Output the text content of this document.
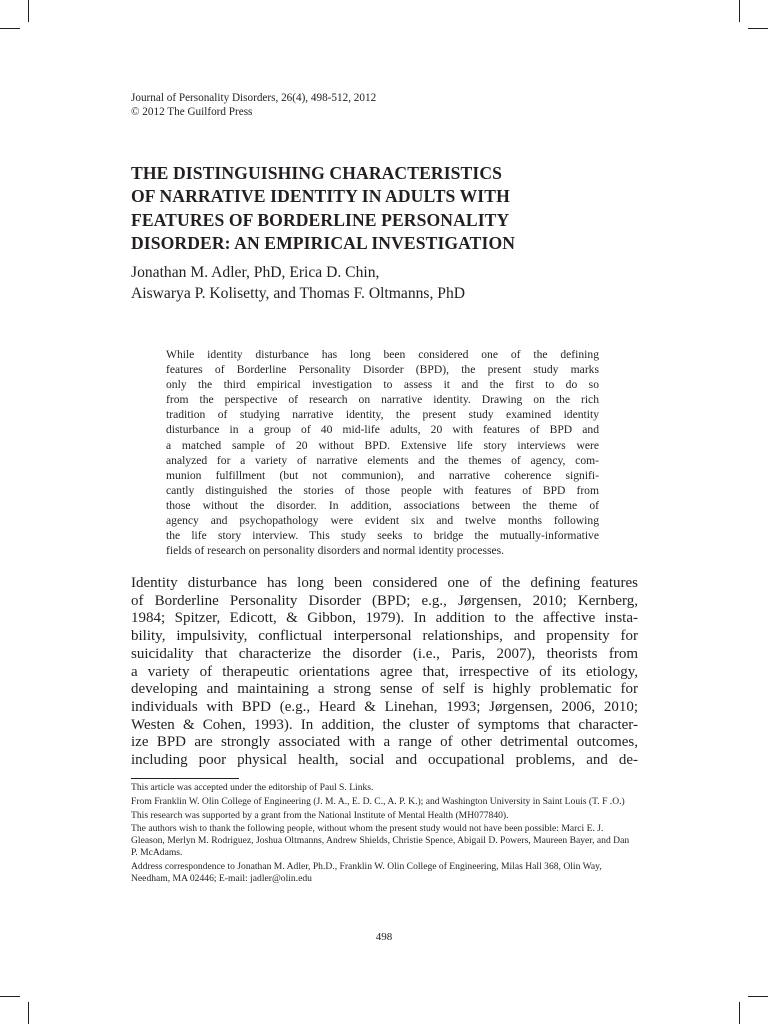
Journal of Personality Disorders, 26(4), 498-512, 2012
© 2012 The Guilford Press
THE DISTINGUISHING CHARACTERISTICS
OF NARRATIVE IDENTITY IN ADULTS WITH
FEATURES OF BORDERLINE PERSONALITY
DISORDER: AN EMPIRICAL INVESTIGATION
Jonathan M. Adler, PhD, Erica D. Chin,
Aiswarya P. Kolisetty, and Thomas F. Oltmanns, PhD
While identity disturbance has long been considered one of the defining
features of Borderline Personality Disorder (BPD), the present study marks
only the third empirical investigation to assess it and the first to do so
from the perspective of research on narrative identity. Drawing on the rich
tradition of studying narrative identity, the present study examined identity
disturbance in a group of 40 mid-life adults, 20 with features of BPD and
a matched sample of 20 without BPD. Extensive life story interviews were
analyzed for a variety of narrative elements and the themes of agency, com-
munion fulfillment (but not communion), and narrative coherence signifi-
cantly distinguished the stories of those people with features of BPD from
those without the disorder. In addition, associations between the theme of
agency and psychopathology were evident six and twelve months following
the life story interview. This study seeks to bridge the mutually-informative
fields of research on personality disorders and normal identity processes.
Identity disturbance has long been considered one of the defining features
of Borderline Personality Disorder (BPD; e.g., Jørgensen, 2010; Kernberg,
1984; Spitzer, Edicott, & Gibbon, 1979). In addition to the affective insta-
bility, impulsivity, conflictual interpersonal relationships, and propensity for
suicidality that characterize the disorder (i.e., Paris, 2007), theorists from
a variety of therapeutic orientations agree that, irrespective of its etiology,
developing and maintaining a strong sense of self is highly problematic for
individuals with BPD (e.g., Heard & Linehan, 1993; Jørgensen, 2006, 2010;
Westen & Cohen, 1993). In addition, the cluster of symptoms that character-
ize BPD are strongly associated with a range of other detrimental outcomes,
including poor physical health, social and occupational problems, and de-

This article was accepted under the editorship of Paul S. Links.

From Franklin W. Olin College of Engineering (J. M. A., E. D. C., A. P. K.); and Washington University in Saint Louis (T. F .O.)

This research was supported by a grant from the National Institute of Mental Health (MH077840).

The authors wish to thank the following people, without whom the present study would not have been possible: Marci E. J. Gleason, Merlyn M. Rodriguez, Joshua Oltmanns, Andrew Shields, Christie Spence, Abigail D. Powers, Maureen Bayer, and Dan P. McAdams.

Address correspondence to Jonathan M. Adler, Ph.D., Franklin W. Olin College of Engineering, Milas Hall 368, Olin Way, Needham, MA 02446; E-mail: jadler@olin.edu

498
